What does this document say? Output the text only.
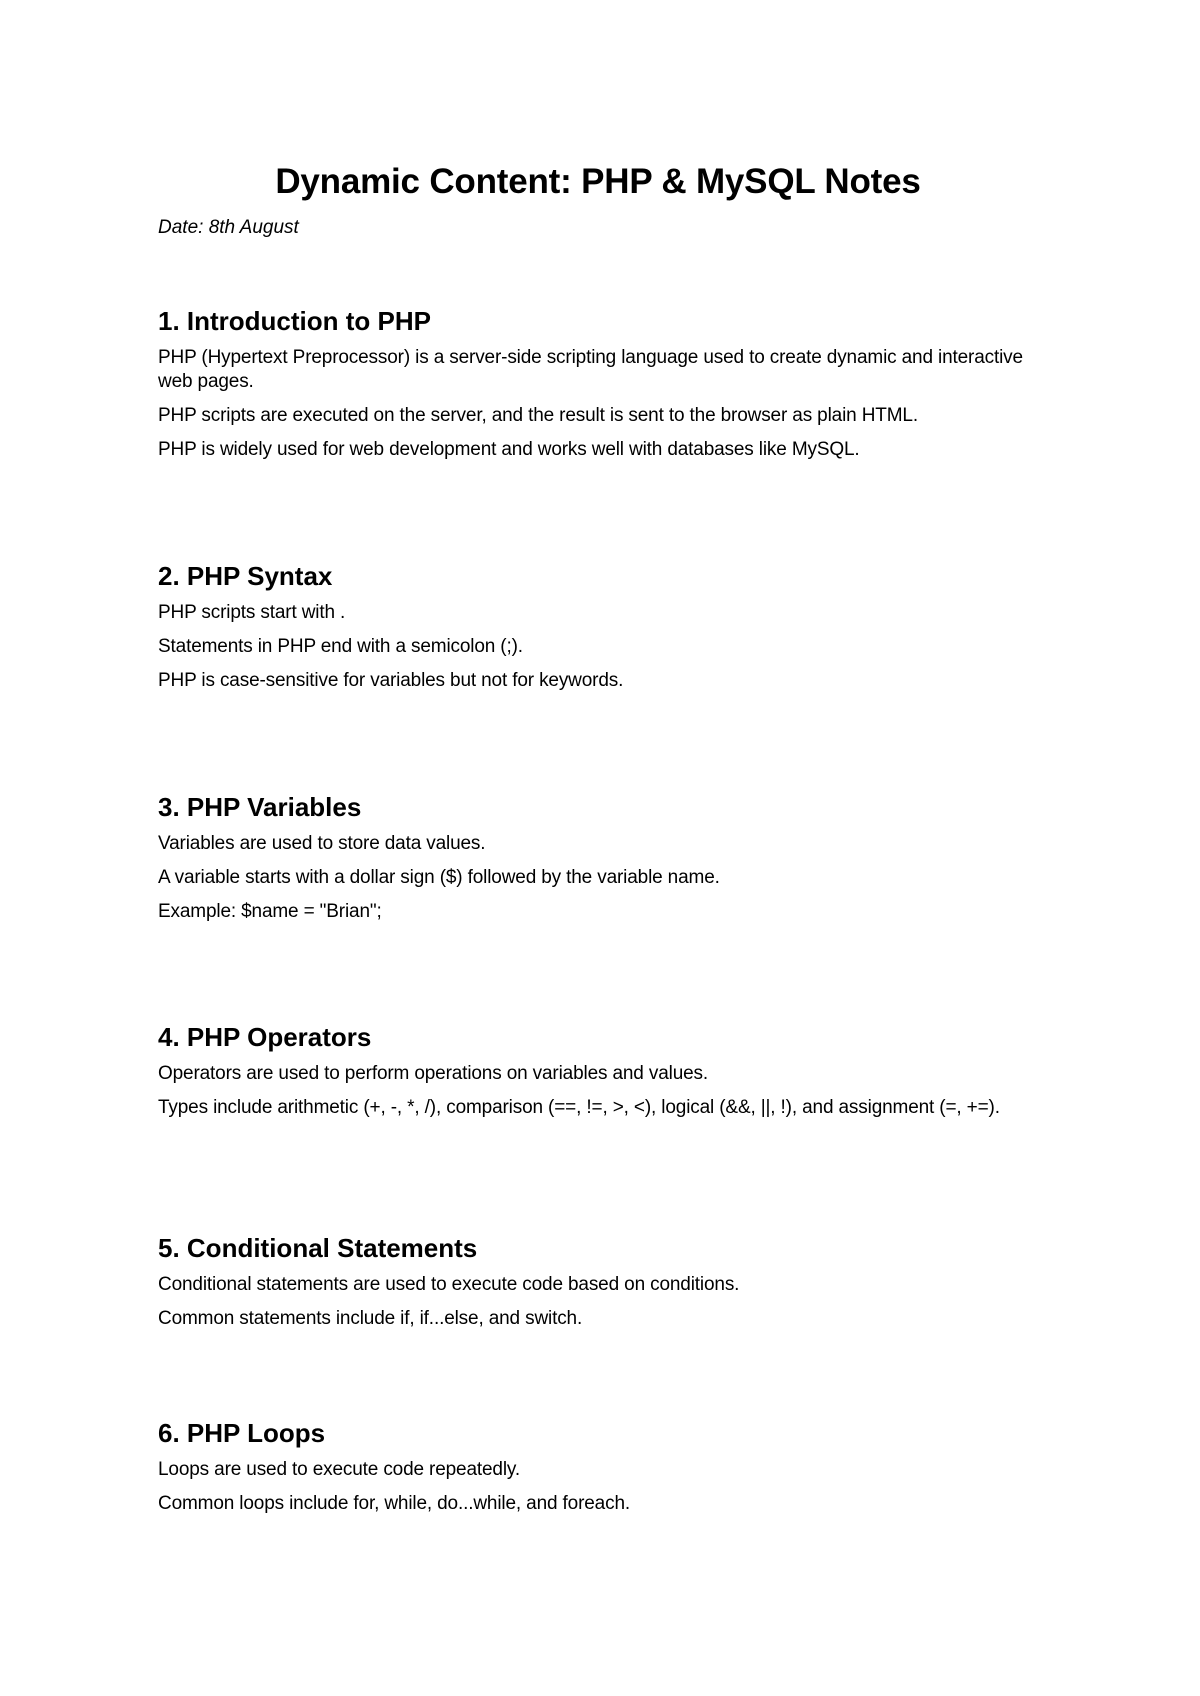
Dynamic Content: PHP & MySQL Notes

Date: 8th August

1. Introduction to PHP

PHP (Hypertext Preprocessor) is a server-side scripting language used to create dynamic and interactive web pages.

PHP scripts are executed on the server, and the result is sent to the browser as plain HTML.

PHP is widely used for web development and works well with databases like MySQL.

2. PHP Syntax

PHP scripts start with .

Statements in PHP end with a semicolon (;).

PHP is case-sensitive for variables but not for keywords.

3. PHP Variables

Variables are used to store data values.

A variable starts with a dollar sign ($) followed by the variable name.

Example: $name = "Brian";

4. PHP Operators

Operators are used to perform operations on variables and values.

Types include arithmetic (+, -, *, /), comparison (==, !=, >, <), logical (&&, ||, !), and assignment (=, +=).

5. Conditional Statements

Conditional statements are used to execute code based on conditions.

Common statements include if, if...else, and switch.

6. PHP Loops

Loops are used to execute code repeatedly.

Common loops include for, while, do...while, and foreach.
